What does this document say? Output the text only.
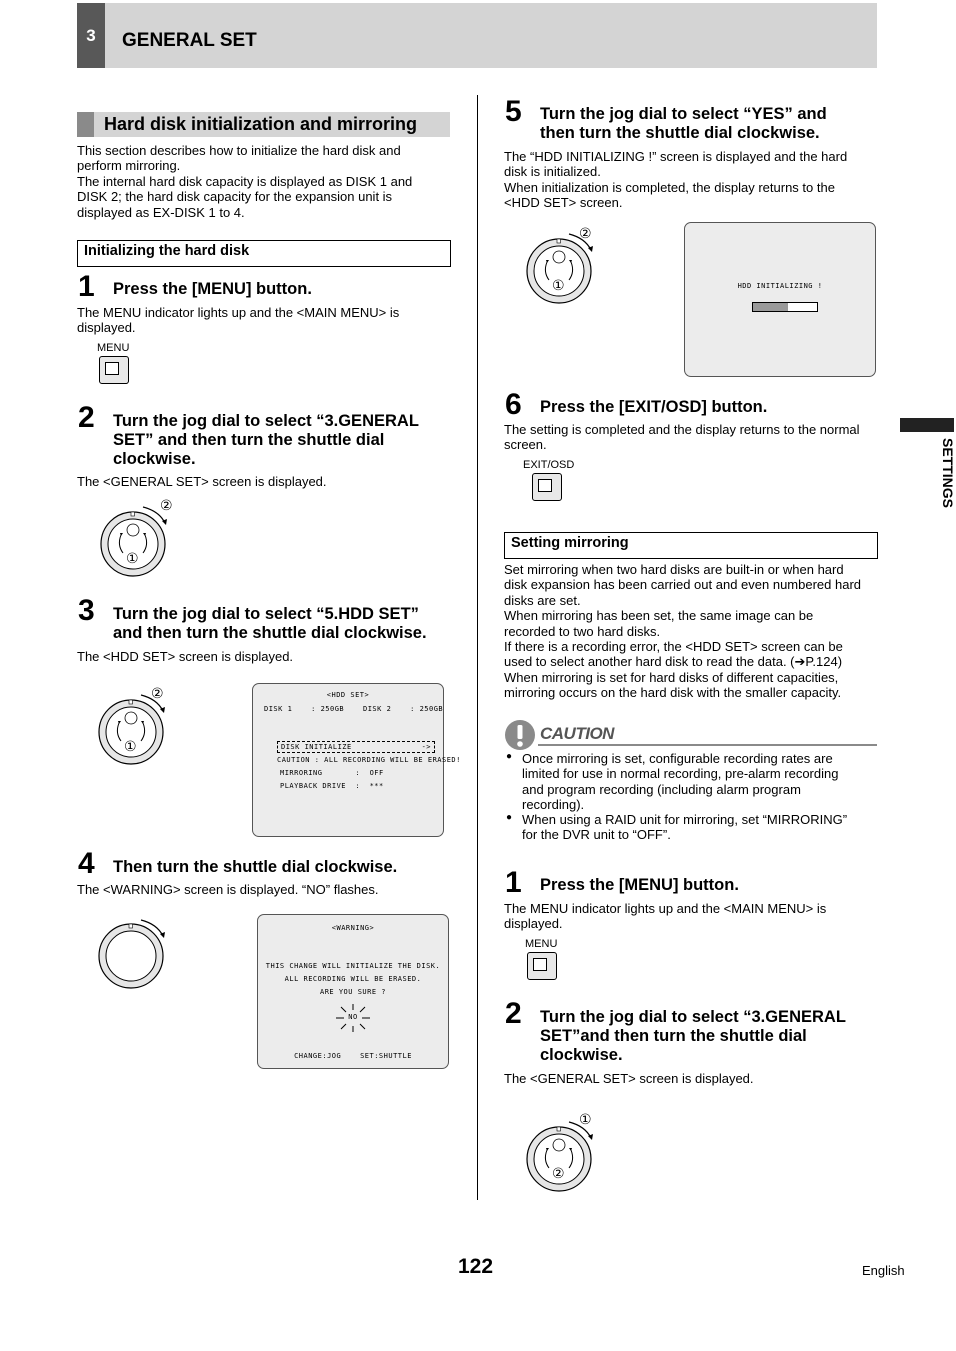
3	GENERAL SET
SETTINGS
Hard disk initialization and mirroring
This section describes how to initialize the hard disk and
perform mirroring.
The internal hard disk capacity is displayed as DISK 1 and
DISK 2; the hard disk capacity for the expansion unit is
displayed as EX-DISK 1 to 4.
Initializing the hard disk
1 Press the [MENU] button.
The MENU indicator lights up and the <MAIN MENU> is
displayed.
MENU
2 Turn the jog dial to select “3.GENERAL
SET” and then turn the shuttle dial
clockwise.
The <GENERAL SET> screen is displayed.
②
①
3 Turn the jog dial to select “5.HDD SET”
and then turn the shuttle dial clockwise.
The <HDD SET> screen is displayed.
②
①
<HDD SET>
DISK 1    : 250GB    DISK 2    : 250GB
DISK INITIALIZE	->
CAUTION : ALL RECORDING WILL BE ERASED!
MIRRORING       :  OFF
PLAYBACK DRIVE  :  ***
4 Then turn the shuttle dial clockwise.
The <WARNING> screen is displayed. “NO” flashes.
<WARNING>
THIS CHANGE WILL INITIALIZE THE DISK.
ALL RECORDING WILL BE ERASED.
ARE YOU SURE ?
NO
CHANGE:JOG    SET:SHUTTLE
5 Turn the jog dial to select “YES” and
then turn the shuttle dial clockwise.
The “HDD INITIALIZING !” screen is displayed and the hard
disk is initialized.
When initialization is completed, the display returns to the
<HDD SET> screen.
②
①	HDD INITIALIZING !
6 Press the [EXIT/OSD] button.
The setting is completed and the display returns to the normal
screen.
EXIT/OSD
Setting mirroring
Set mirroring when two hard disks are built-in or when hard
disk expansion has been carried out and even numbered hard
disks are set.
When mirroring has been set, the same image can be
recorded to two hard disks.
If there is a recording error, the <HDD SET> screen can be
used to select another hard disk to read the data. (➔P.124)
When mirroring is set for hard disks of different capacities,
mirroring occurs on the hard disk with the smaller capacity.
CAUTION
● Once mirroring is set, configurable recording rates are
limited for use in normal recording, pre-alarm recording
and program recording (including alarm program
recording).
● When using a RAID unit for mirroring, set “MIRRORING”
for the DVR unit to “OFF”.
1 Press the [MENU] button.
The MENU indicator lights up and the <MAIN MENU> is
displayed.
MENU
2 Turn the jog dial to select “3.GENERAL
SET”and then turn the shuttle dial
clockwise.
The <GENERAL SET> screen is displayed.
①
②
122	English
